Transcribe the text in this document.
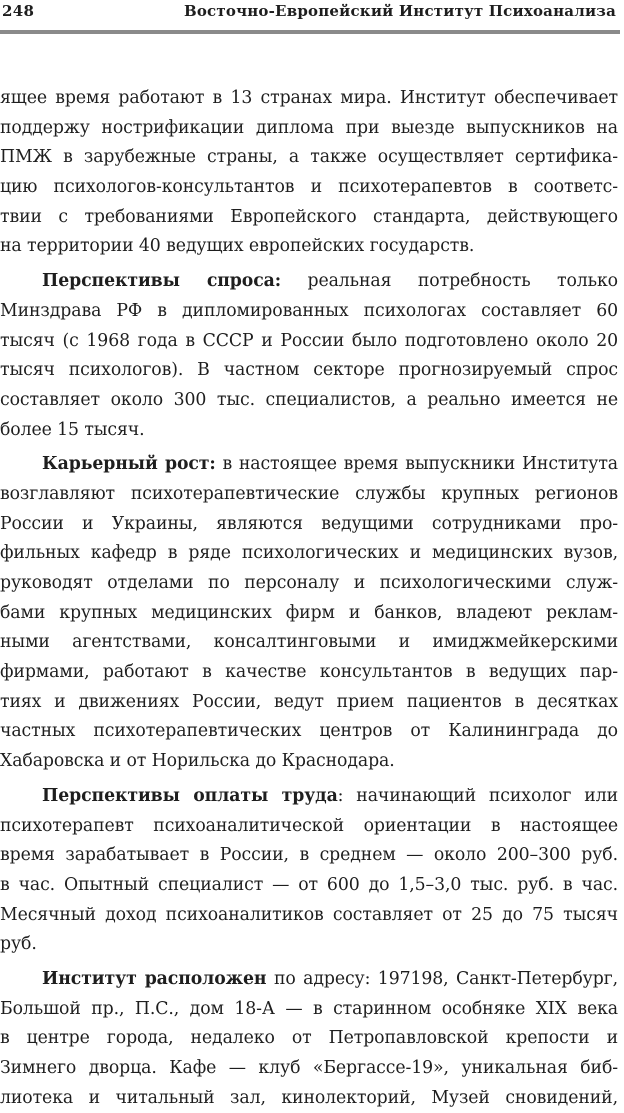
248	Восточно-Европейский Институт Психоанализа
ящее время работают в 13 странах мира. Институт обеспечивает
поддержу нострификации диплома при выезде выпускников на
ПМЖ в зарубежные страны, а также осуществляет сертифика-
цию психологов-консультантов и психотерапевтов в соответс-
твии с требованиями Европейского стандарта, действующего
на территории 40 ведущих европейских государств.
Перспективы спроса: реальная потребность только
Минздрава РФ в дипломированных психологах составляет 60
тысяч (с 1968 года в СССР и России было подготовлено около 20
тысяч психологов). В частном секторе прогнозируемый спрос
составляет около 300 тыс. специалистов, а реально имеется не
более 15 тысяч.
Карьерный рост: в настоящее время выпускники Института
возглавляют психотерапевтические службы крупных регионов
России и Украины, являются ведущими сотрудниками про-
фильных кафедр в ряде психологических и медицинских вузов,
руководят отделами по персоналу и психологическими служ-
бами крупных медицинских фирм и банков, владеют реклам-
ными агентствами, консалтинговыми и имиджмейкерскими
фирмами, работают в качестве консультантов в ведущих пар-
тиях и движениях России, ведут прием пациентов в десятках
частных психотерапевтических центров от Калининграда до
Хабаровска и от Норильска до Краснодара.
Перспективы оплаты труда: начинающий психолог или
психотерапевт психоаналитической ориентации в настоящее
время зарабатывает в России, в среднем — около 200–300 руб.
в час. Опытный специалист — от 600 до 1,5–3,0 тыс. руб. в час.
Месячный доход психоаналитиков составляет от 25 до 75 тысяч
руб.
Институт расположен по адресу: 197198, Санкт-Петербург,
Большой пр., П.С., дом 18-А — в старинном особняке XIX века
в центре города, недалеко от Петропавловской крепости и
Зимнего дворца. Кафе — клуб «Бергассе-19», уникальная биб-
лиотека и читальный зал, кинолекторий, Музей сновидений,
